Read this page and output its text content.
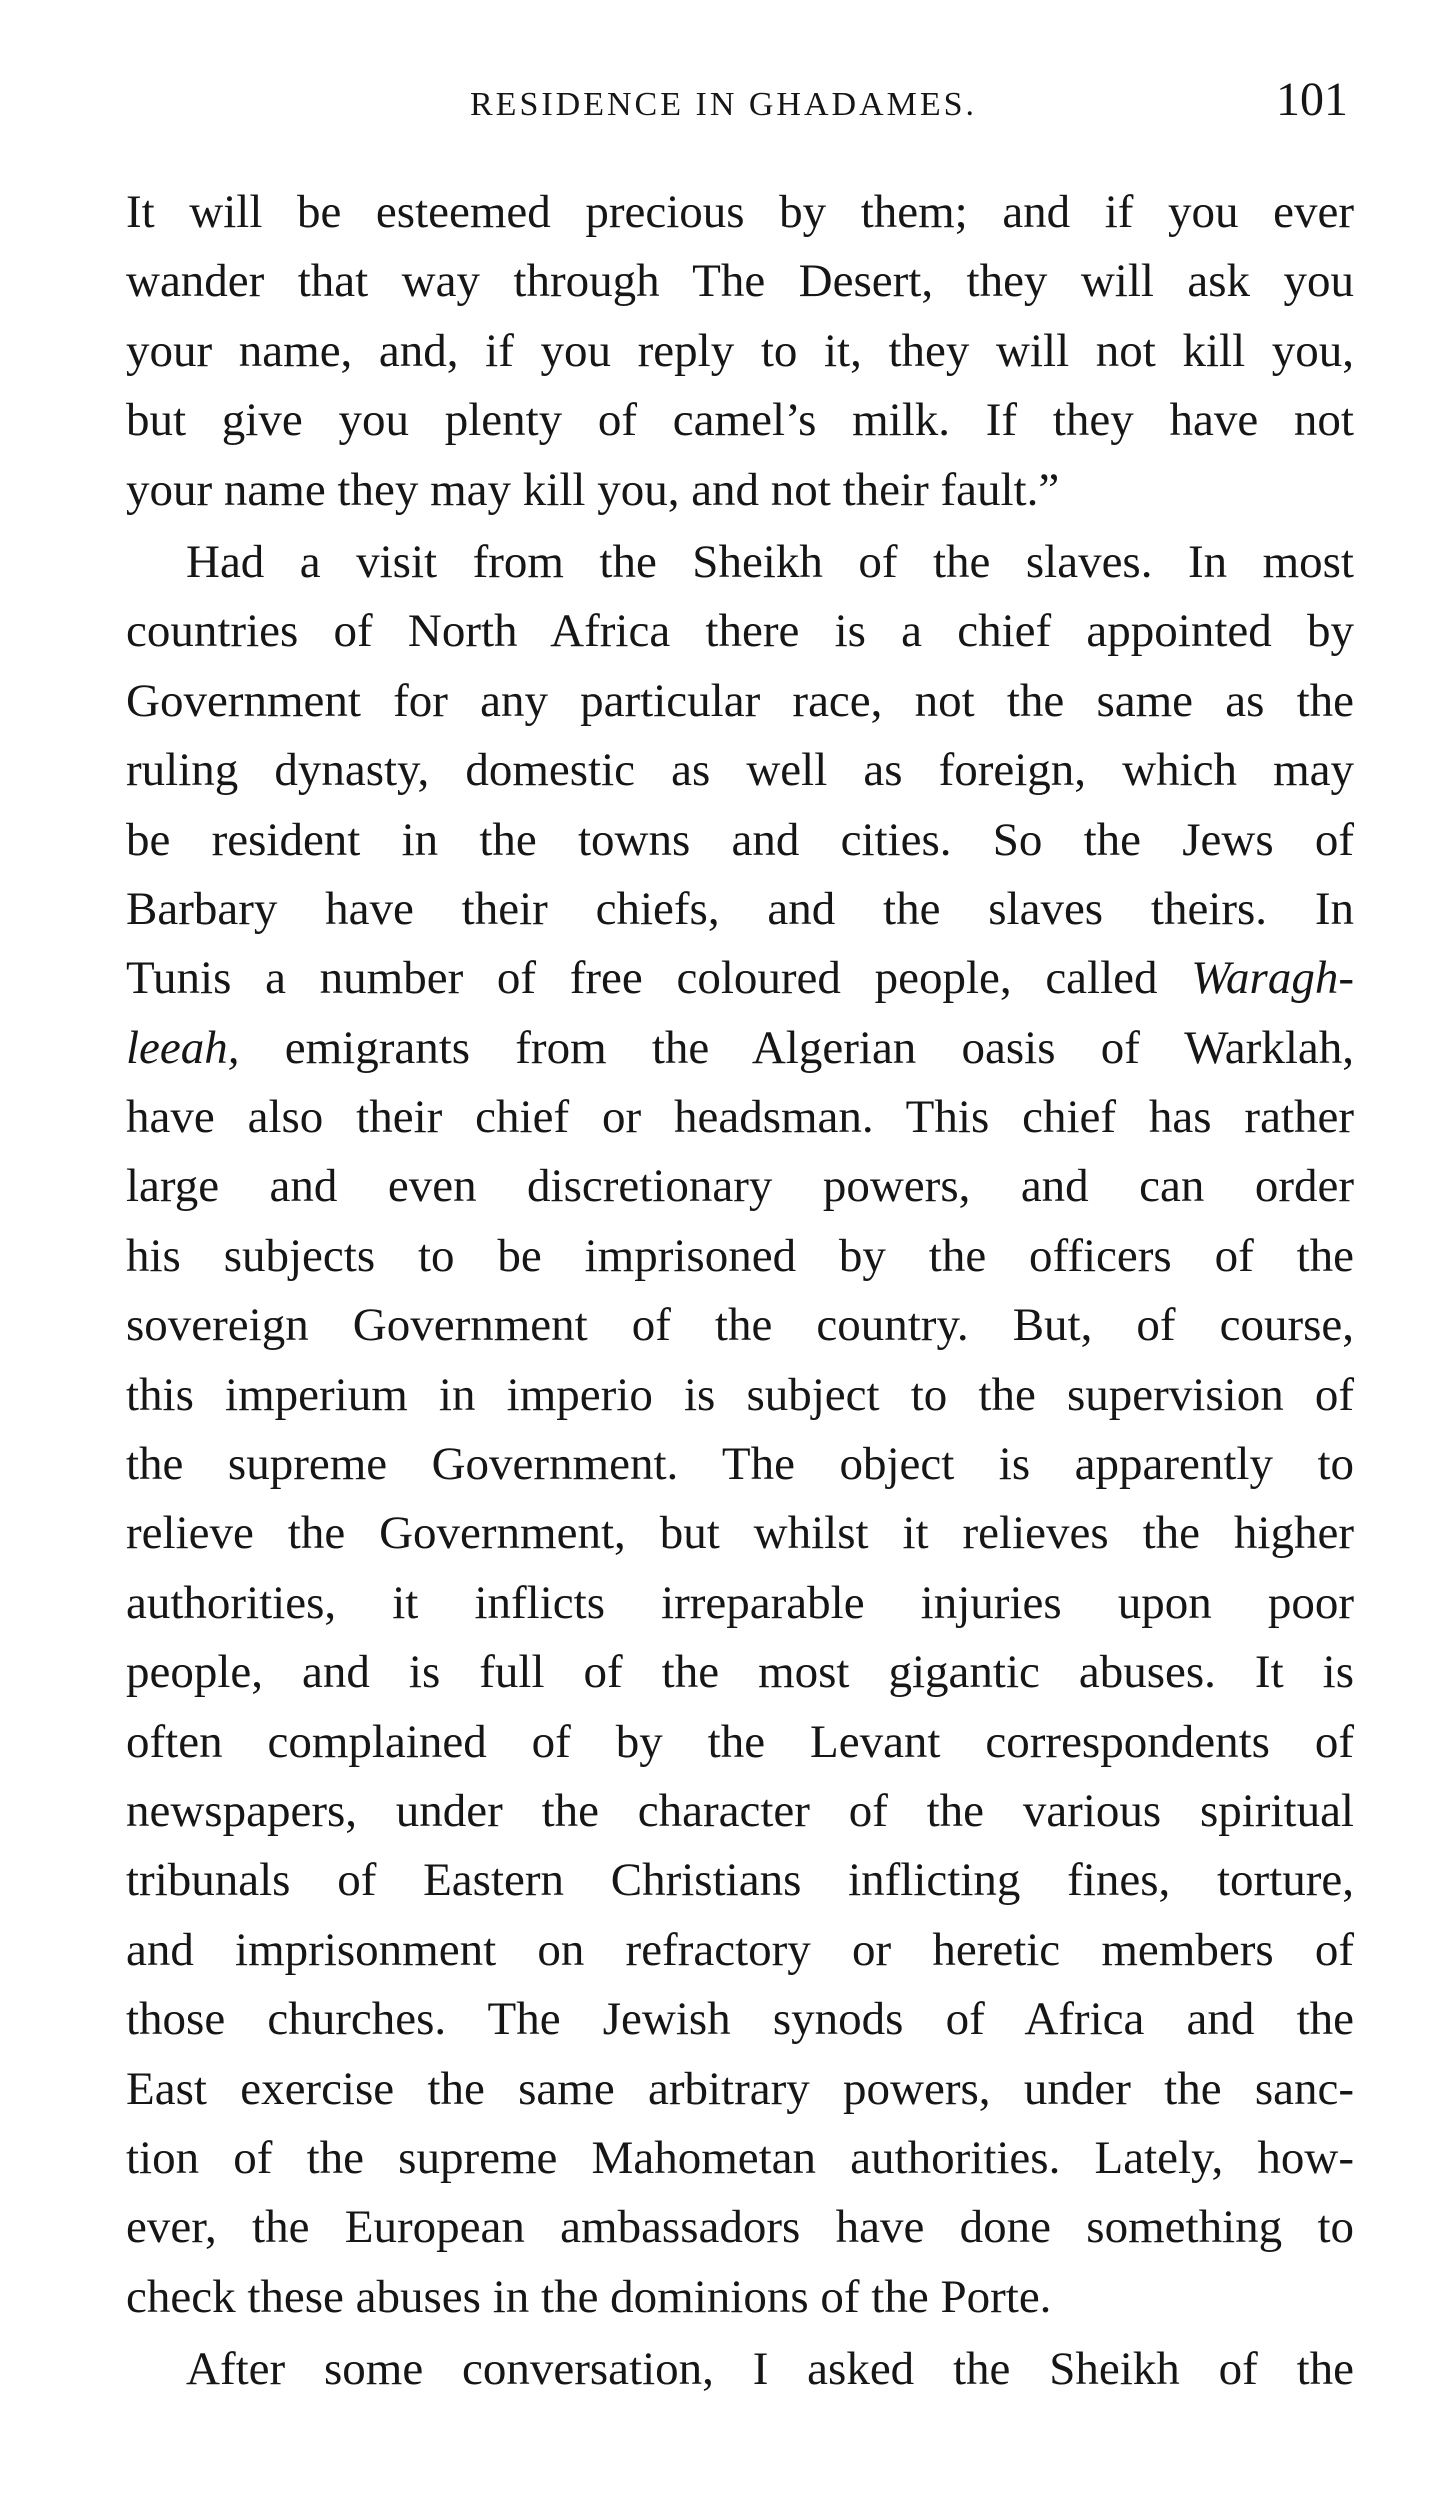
RESIDENCE IN GHADAMES.	101
It will be esteemed precious by them; and if you ever
wander that way through The Desert, they will ask you
your name, and, if you reply to it, they will not kill you,
but give you plenty of camel’s milk. If they have not
your name they may kill you, and not their fault.”
Had a visit from the Sheikh of the slaves. In most
countries of North Africa there is a chief appointed by
Government for any particular race, not the same as the
ruling dynasty, domestic as well as foreign, which may
be resident in the towns and cities. So the Jews of
Barbary have their chiefs, and the slaves theirs. In
Tunis a number of free coloured people, called Waragh-
leeah, emigrants from the Algerian oasis of Warklah,
have also their chief or headsman. This chief has rather
large and even discretionary powers, and can order
his subjects to be imprisoned by the officers of the
sovereign Government of the country. But, of course,
this imperium in imperio is subject to the supervision of
the supreme Government. The object is apparently to
relieve the Government, but whilst it relieves the higher
authorities, it inflicts irreparable injuries upon poor
people, and is full of the most gigantic abuses. It is
often complained of by the Levant correspondents of
newspapers, under the character of the various spiritual
tribunals of Eastern Christians inflicting fines, torture,
and imprisonment on refractory or heretic members of
those churches. The Jewish synods of Africa and the
East exercise the same arbitrary powers, under the sanc-
tion of the supreme Mahometan authorities. Lately, how-
ever, the European ambassadors have done something to
check these abuses in the dominions of the Porte.
After some conversation, I asked the Sheikh of the
